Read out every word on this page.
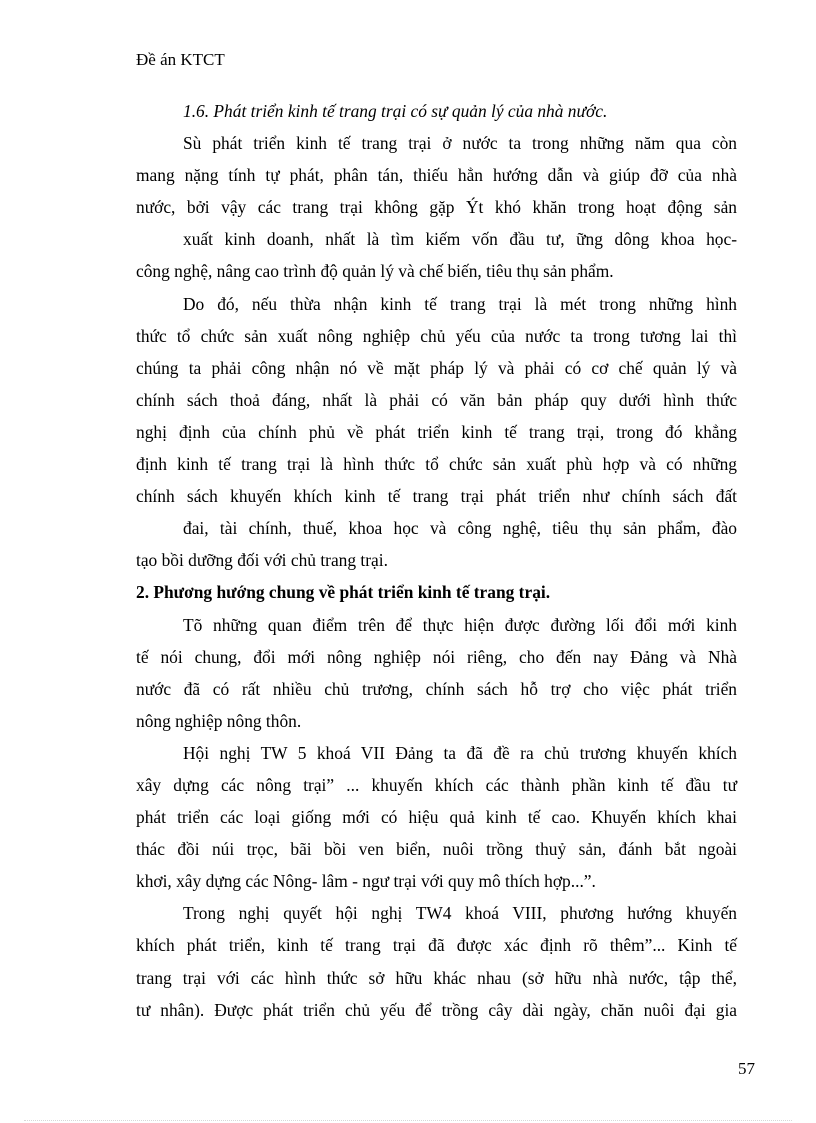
Đề án KTCT
1.6. Phát triển kinh tế trang trại có sự quản lý của nhà nước.
Sù phát triển kinh tế trang trại ở nước ta trong những năm qua còn
mang nặng tính tự phát, phân tán, thiếu hẳn hướng dẫn và giúp đỡ của nhà
nước, bởi vậy các trang trại không gặp Ýt khó khăn trong hoạt động sản
xuất kinh doanh, nhất là tìm kiếm vốn đầu tư, ững dông khoa học-
công nghệ, nâng cao trình độ quản lý và chế biến, tiêu thụ sản phẩm.
Do đó, nếu thừa nhận kinh tế trang trại là mét trong những hình
thức tổ chức sản xuất nông nghiệp chủ yếu của nước ta trong tương lai thì
chúng ta phải công nhận nó về mặt pháp lý và phải có cơ chế quản lý và
chính sách thoả đáng, nhất là phải có văn bản pháp quy dưới hình thức
nghị định của chính phủ về phát triển kinh tế trang trại, trong đó khẳng
định kinh tế trang trại là hình thức tổ chức sản xuất phù hợp và có những
chính sách khuyến khích kinh tế trang trại phát triển như chính sách đất
đai, tài chính, thuế, khoa học và công nghệ, tiêu thụ sản phẩm, đào
tạo bồi dưỡng đối với chủ trang trại.
2. Phương hướng chung về phát triển kinh tế trang trại.
Tõ những quan điểm trên để thực hiện được đường lối đổi mới kinh
tế nói chung, đổi mới nông nghiệp nói riêng, cho đến nay Đảng và Nhà
nước đã có rất nhiều chủ trương, chính sách hỗ trợ cho việc phát triển
nông nghiệp nông thôn.
Hội nghị TW 5 khoá VII Đảng ta đã đề ra chủ trương khuyến khích
xây dựng các nông trại” ... khuyến khích các thành phần kinh tế đầu tư
phát triển các loại giống mới có hiệu quả kinh tế cao. Khuyến khích khai
thác đồi núi trọc, bãi bồi ven biển, nuôi trồng thuỷ sản, đánh bắt ngoài
khơi, xây dựng các Nông- lâm - ngư trại với quy mô thích hợp...”.
Trong nghị quyết hội nghị TW4 khoá VIII, phương hướng khuyến
khích phát triển, kinh tế trang trại đã được xác định rõ thêm”... Kinh tế
trang trại với các hình thức sở hữu khác nhau (sở hữu nhà nước, tập thể,
tư nhân). Được phát triển chủ yếu để trồng cây dài ngày, chăn nuôi đại gia
57
